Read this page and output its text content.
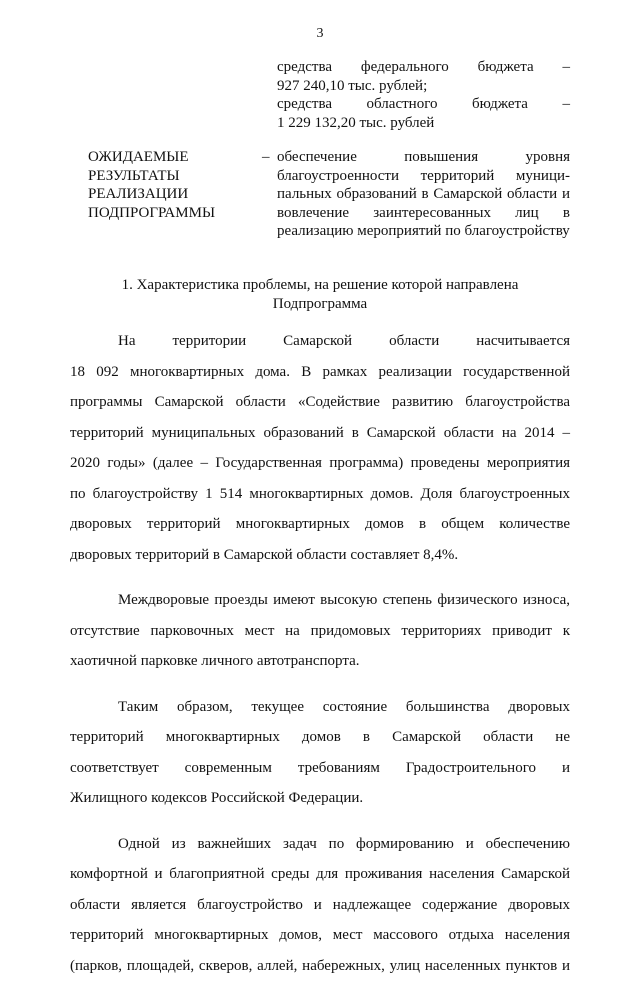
3
средства федерального бюджета –
927 240,10 тыс. рублей;
средства областного бюджета –
1 229 132,20 тыс. рублей
ОЖИДАЕМЫЕ
РЕЗУЛЬТАТЫ
РЕАЛИЗАЦИИ
ПОДПРОГРАММЫ
– обеспечение повышения уровня
благоустроенности территорий муници-
пальных образований в Самарской области и
вовлечение заинтересованных лиц в
реализацию мероприятий по благоустройству
1. Характеристика проблемы, на решение которой направлена
Подпрограмма
На территории Самарской области насчитывается
18 092 многоквартирных дома. В рамках реализации государственной
программы Самарской области «Содействие развитию благоустройства
территорий муниципальных образований в Самарской области на 2014 –
2020 годы» (далее – Государственная программа) проведены мероприятия
по благоустройству 1 514 многоквартирных домов. Доля благоустроенных
дворовых территорий многоквартирных домов в общем количестве
дворовых территорий в Самарской области составляет 8,4%.
Междворовые проезды имеют высокую степень физического износа,
отсутствие парковочных мест на придомовых территориях приводит к
хаотичной парковке личного автотранспорта.
Таким образом, текущее состояние большинства дворовых
территорий многоквартирных домов в Самарской области не
соответствует современным требованиям Градостроительного и
Жилищного кодексов Российской Федерации.
Одной из важнейших задач по формированию и обеспечению
комфортной и благоприятной среды для проживания населения Самарской
области является благоустройство и надлежащее содержание дворовых
территорий многоквартирных домов, мест массового отдыха населения
(парков, площадей, скверов, аллей, набережных, улиц населенных пунктов и
